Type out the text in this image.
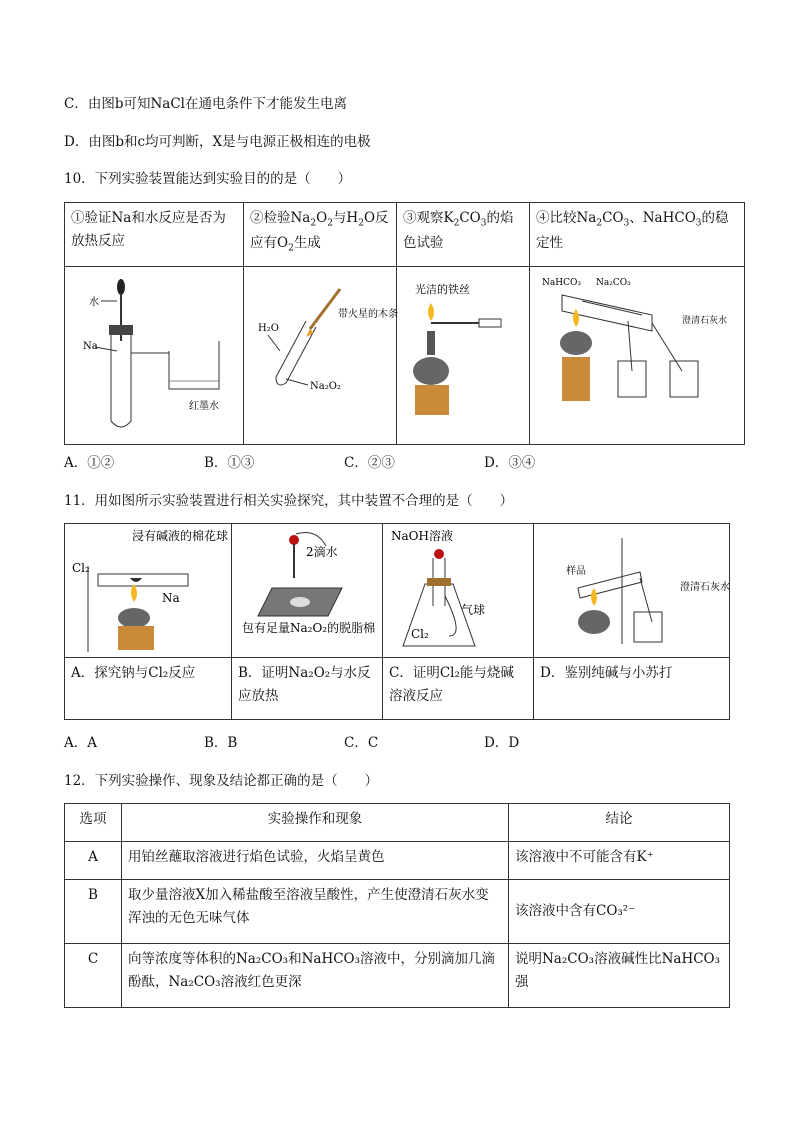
C．由图b可知NaCl在通电条件下才能发生电离
D．由图b和c均可判断，X是与电源正极相连的电极
10．下列实验装置能达到实验目的的是（　　）
①验证Na和水反应是否为放热反应	②检验$Na_2O_2$与$H_2O$反应有$O_2$生成	③观察$K_2CO_3$的焰色试验	④比较$Na_2CO_3$、NaHCO$_3$的稳定性

水
Na
红墨水	H₂O
带火星的木条
Na₂O₂	光洁的铁丝	NaHCO₃ Na₂CO₃
澄清石灰水
A．①②	B．①③	C．②③	D．③④
11．用如图所示实验装置进行相关实验探究，其中装置不合理的是（　　）
浸有碱液的棉花球
Cl₂
Na	2滴水
包有足量Na₂O₂的脱脂棉	NaOH溶液
气球
Cl₂	样品
澄清石灰水

A．探究钠与Cl₂反应	B．证明Na₂O₂与水反应放热	C．证明Cl₂能与烧碱溶液反应	D．鉴别纯碱与小苏打
A．A	B．B	C．C	D．D
12．下列实验操作、现象及结论都正确的是（　　）
选项	实验操作和现象	结论
A	用铂丝蘸取溶液进行焰色试验，火焰呈黄色	该溶液中不可能含有K⁺
B	取少量溶液X加入稀盐酸至溶液呈酸性，产生使澄清石灰水变浑浊的无色无味气体	该溶液中含有CO₃²⁻
C	向等浓度等体积的Na₂CO₃和NaHCO₃溶液中，分别滴加几滴酚酞，Na₂CO₃溶液红色更深	说明Na₂CO₃溶液碱性比NaHCO₃强
